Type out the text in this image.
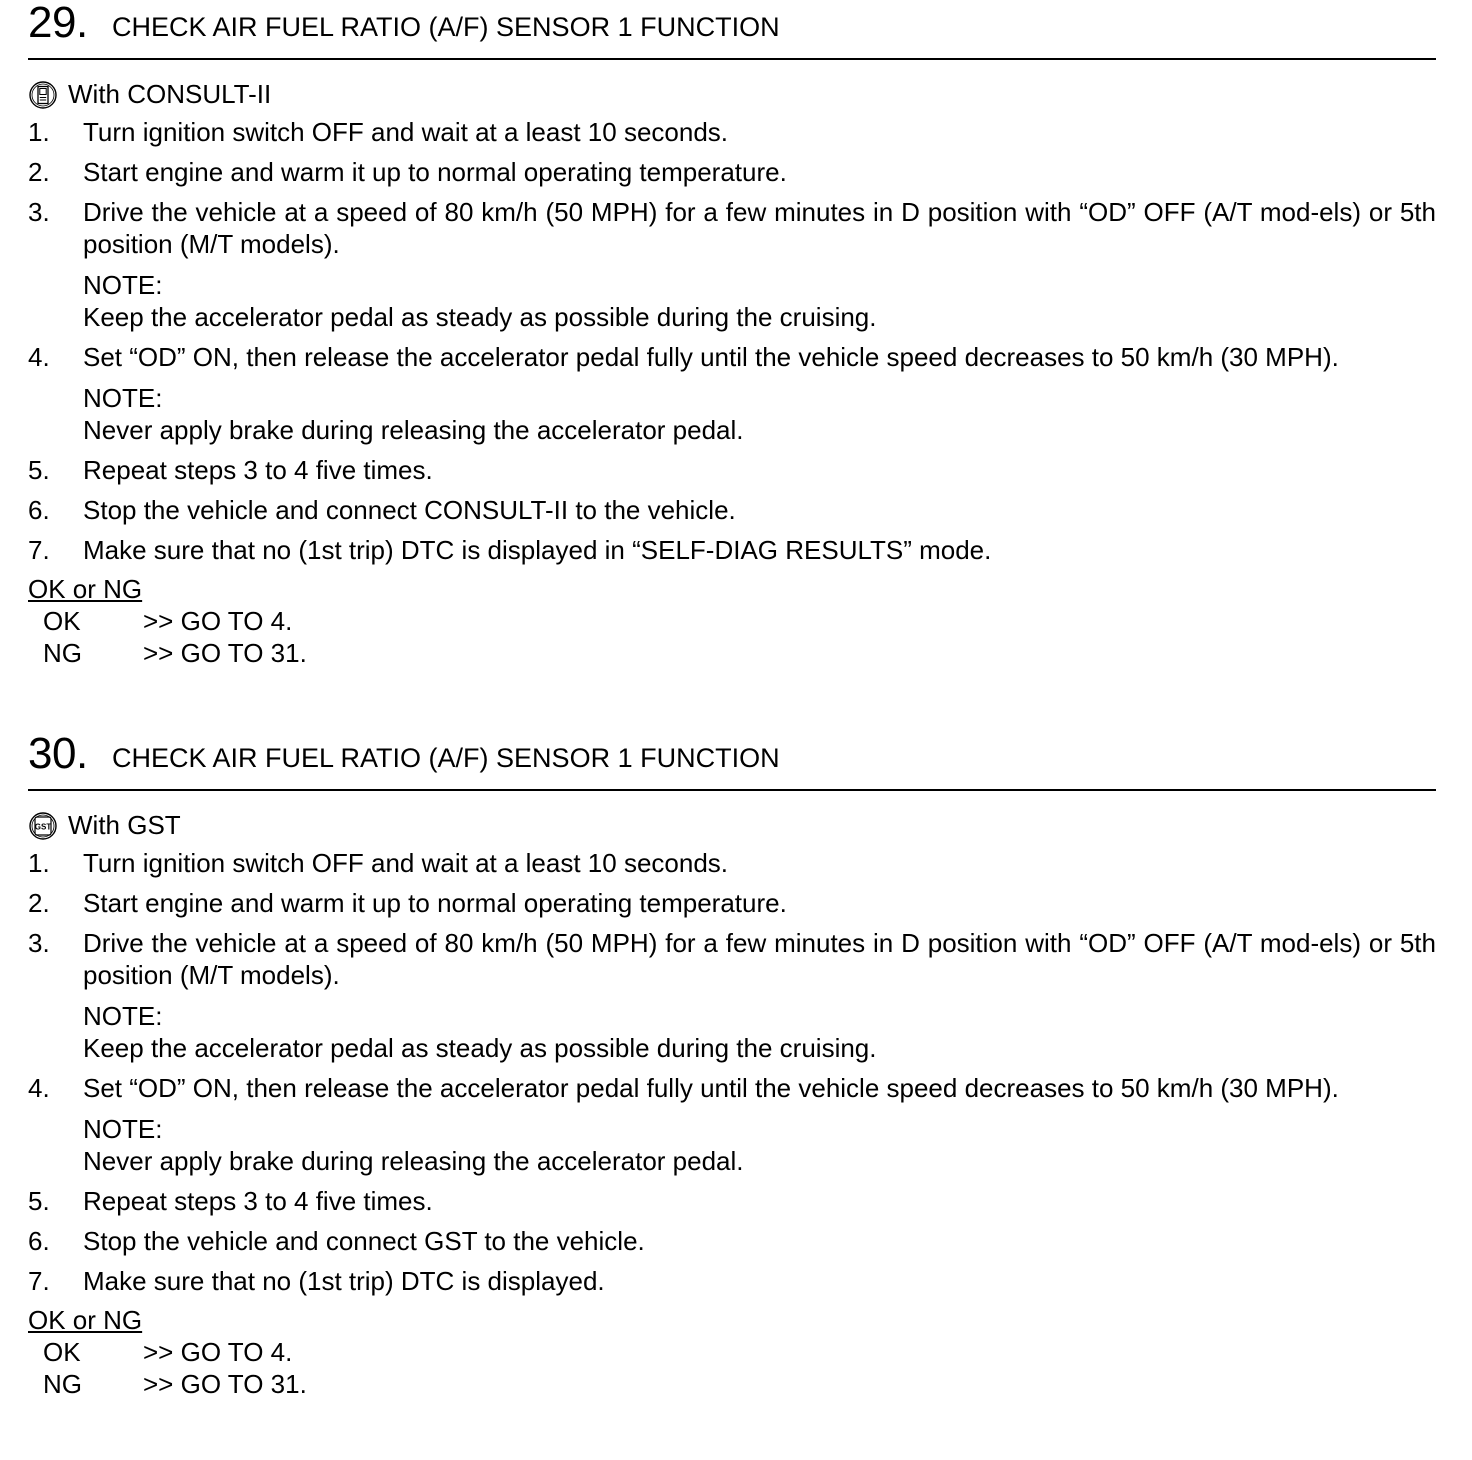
29. CHECK AIR FUEL RATIO (A/F) SENSOR 1 FUNCTION
With CONSULT-II
1. Turn ignition switch OFF and wait at a least 10 seconds.
2. Start engine and warm it up to normal operating temperature.
3. Drive the vehicle at a speed of 80 km/h (50 MPH) for a few minutes in D position with “OD” OFF (A/T mod-els) or 5th position (M/T models).
NOTE:
Keep the accelerator pedal as steady as possible during the cruising.
4. Set “OD” ON, then release the accelerator pedal fully until the vehicle speed decreases to 50 km/h (30 MPH).
NOTE:
Never apply brake during releasing the accelerator pedal.
5. Repeat steps 3 to 4 five times.
6. Stop the vehicle and connect CONSULT-II to the vehicle.
7. Make sure that no (1st trip) DTC is displayed in “SELF-DIAG RESULTS” mode.
OK or NG
OK >> GO TO 4.
NG >> GO TO 31.
30. CHECK AIR FUEL RATIO (A/F) SENSOR 1 FUNCTION
GST With GST
1. Turn ignition switch OFF and wait at a least 10 seconds.
2. Start engine and warm it up to normal operating temperature.
3. Drive the vehicle at a speed of 80 km/h (50 MPH) for a few minutes in D position with “OD” OFF (A/T mod-els) or 5th position (M/T models).
NOTE:
Keep the accelerator pedal as steady as possible during the cruising.
4. Set “OD” ON, then release the accelerator pedal fully until the vehicle speed decreases to 50 km/h (30 MPH).
NOTE:
Never apply brake during releasing the accelerator pedal.
5. Repeat steps 3 to 4 five times.
6. Stop the vehicle and connect GST to the vehicle.
7. Make sure that no (1st trip) DTC is displayed.
OK or NG
OK >> GO TO 4.
NG >> GO TO 31.
